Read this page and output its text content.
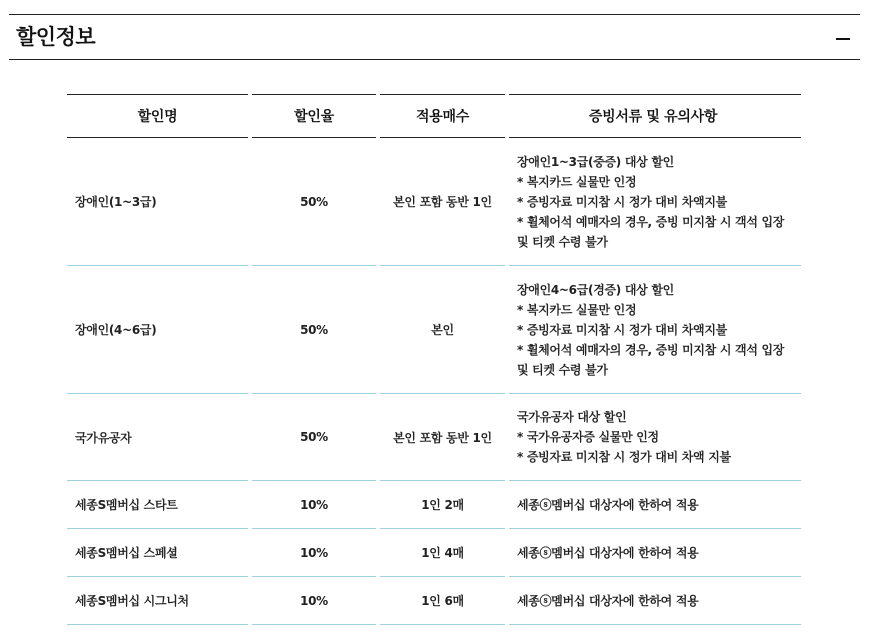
할인정보
할인명	할인율	적용매수	증빙서류 및 유의사항
장애인(1~3급)	50%	본인 포함 동반 1인
장애인1~3급(중증) 대상 할인
* 복지카드 실물만 인정
* 증빙자료 미지참 시 정가 대비 차액지불
* 휠체어석 예매자의 경우, 증빙 미지참 시 객석 입장
및 티켓 수령 불가
장애인(4~6급)	50%	본인
장애인4~6급(경증) 대상 할인
* 복지카드 실물만 인정
* 증빙자료 미지참 시 정가 대비 차액지불
* 휠체어석 예매자의 경우, 증빙 미지참 시 객석 입장
및 티켓 수령 불가
국가유공자	50%	본인 포함 동반 1인
국가유공자 대상 할인
* 국가유공자증 실물만 인정
* 증빙자료 미지참 시 정가 대비 차액 지불
세종S멤버십 스타트	10%	1인 2매	세종ⓢ멤버십 대상자에 한하여 적용
세종S멤버십 스페셜	10%	1인 4매	세종ⓢ멤버십 대상자에 한하여 적용
세종S멤버십 시그니처	10%	1인 6매	세종ⓢ멤버십 대상자에 한하여 적용
